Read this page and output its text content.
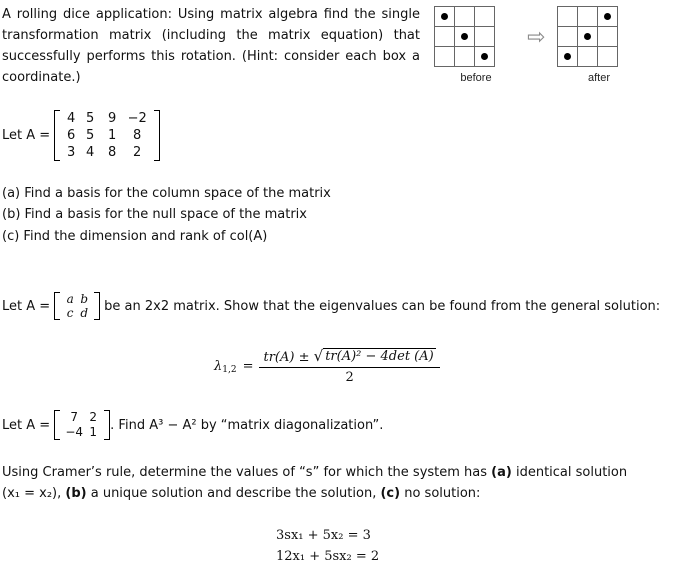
A rolling dice application: Using matrix algebra find the single transformation matrix (including the matrix equation) that successfully performs this rotation. (Hint: consider each box a coordinate.)	before
⇨
after
Let A =
4 5	9 −2
6 5	1	8
3 4	8	2
(a) Find a basis for the column space of the matrix
(b) Find a basis for the null space of the matrix
(c) Find the dimension and rank of col(A)
Let A = a b
c d be an 2x2 matrix. Show that the eigenvalues can be found from the general solution:
$\lambda_{1,2} = \frac{\text{tr(A) ± √ tr(A)² − 4det (A)}}{2}$
Let A =
7 2
−4 1	. Find A³ − A² by “matrix diagonalization”.
Using Cramer’s rule, determine the values of “s” for which the system has (a) identical solution
(x₁ = x₂), (b) a unique solution and describe the solution, (c) no solution:
3sx₁ + 5x₂ = 3
12x₁ + 5sx₂ = 2
